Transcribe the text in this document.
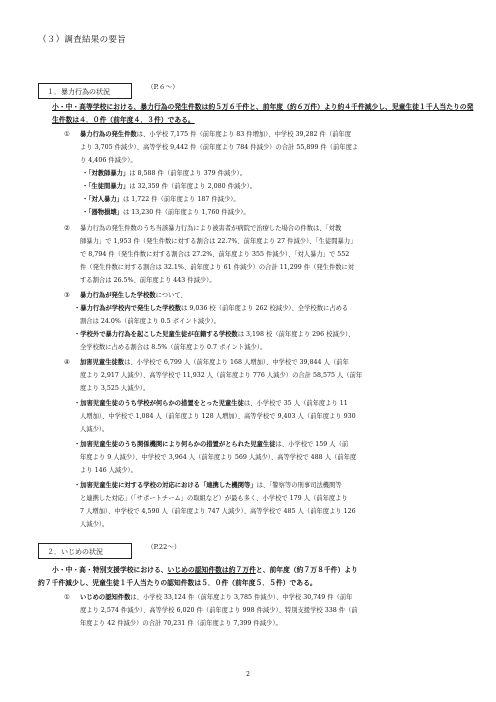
（３）調査結果の要旨
１．暴力行為の状況 （P.６～）
小・中・高等学校における、暴力行為の発生件数は約５万６千件と、前年度（約６万件）より約４千件減少し、児童生徒１千人当たりの発生件数は４．０件（前年度４．３件）である。
① 暴力行為の発生件数は、小学校 7,175 件（前年度より 83 件増加）、中学校 39,282 件（前年度
より 3,705 件減少）、高等学校 9,442 件（前年度より 784 件減少）の合計 55,899 件（前年度よ
り 4,406 件減少）。
・「対教師暴力」は 8,588 件（前年度より 379 件減少）。
・「生徒間暴力」は 32,359 件（前年度より 2,080 件減少）。
・「対人暴力」は 1,722 件（前年度より 187 件減少）。
・「器物損壊」は 13,230 件（前年度より 1,760 件減少）。
② 暴力行為の発生件数のうち当該暴力行為により被害者が病院で治療した場合の件数は、「対教
師暴力」で 1,953 件（発生件数に対する割合は 22.7%、前年度より 27 件減少）、「生徒間暴力」
で 8,794 件（発生件数に対する割合は 27.2%、前年度より 355 件減少）、「対人暴力」で 552
件（発生件数に対する割合は 32.1%、前年度より 61 件減少）の合計 11,299 件（発生件数に対
する割合は 26.5%、前年度より 443 件減少）。
③ 暴力行為が発生した学校数について、
・暴力行為が学校内で発生した学校数は 9,036 校（前年度より 262 校減少）、全学校数に占める
割合は 24.0%（前年度より 0.5 ポイント減少）。
・学校外で暴力行為を起こした児童生徒が在籍する学校数は 3,198 校（前年度より 296 校減少）、
全学校数に占める割合は 8.5%（前年度より 0.7 ポイント減少）。
④ 加害児童生徒数は、小学校で 6,799 人（前年度より 168 人増加）、中学校で 39,844 人（前年
度より 2,917 人減少）、高等学校で 11,932 人（前年度より 776 人減少）の合計 58,575 人（前年
度より 3,525 人減少）。
・加害児童生徒のうち学校が何らかの措置をとった児童生徒は、小学校で 35 人（前年度より 11
人増加）、中学校で 1,084 人（前年度より 128 人増加）、高等学校で 9,403 人（前年度より 930
人減少）。
・加害児童生徒のうち関係機関により何らかの措置がとられた児童生徒は、小学校で 159 人（前
年度より 9 人減少）、中学校で 3,964 人（前年度より 569 人減少）、高等学校で 488 人（前年度
より 146 人減少）。
・加害児童生徒に対する学校の対応における「連携した機関等」は、「警察等の刑事司法機関等
と連携した対応」（「サポートチーム」の取組など）が最も多く、小学校で 179 人（前年度より
7 人増加）、中学校で 4,590 人（前年度より 747 人減少）、高等学校で 485 人（前年度より 126
人減少）。
２．いじめの状況 （P.22～）
小・中・高・特別支援学校における、いじめの認知件数は約７万件と、前年度（約７万８千件）より
約７千件減少し、児童生徒１千人当たりの認知件数は５．０件（前年度５．５件）である。
① いじめの認知件数は、小学校 33,124 件（前年度より 3,785 件減少）、中学校 30,749 件（前年
度より 2,574 件減少）、高等学校 6,020 件（前年度より 998 件減少）、特別支援学校 338 件（前
年度より 42 件減少）の合計 70,231 件（前年度より 7,399 件減少）。
2
